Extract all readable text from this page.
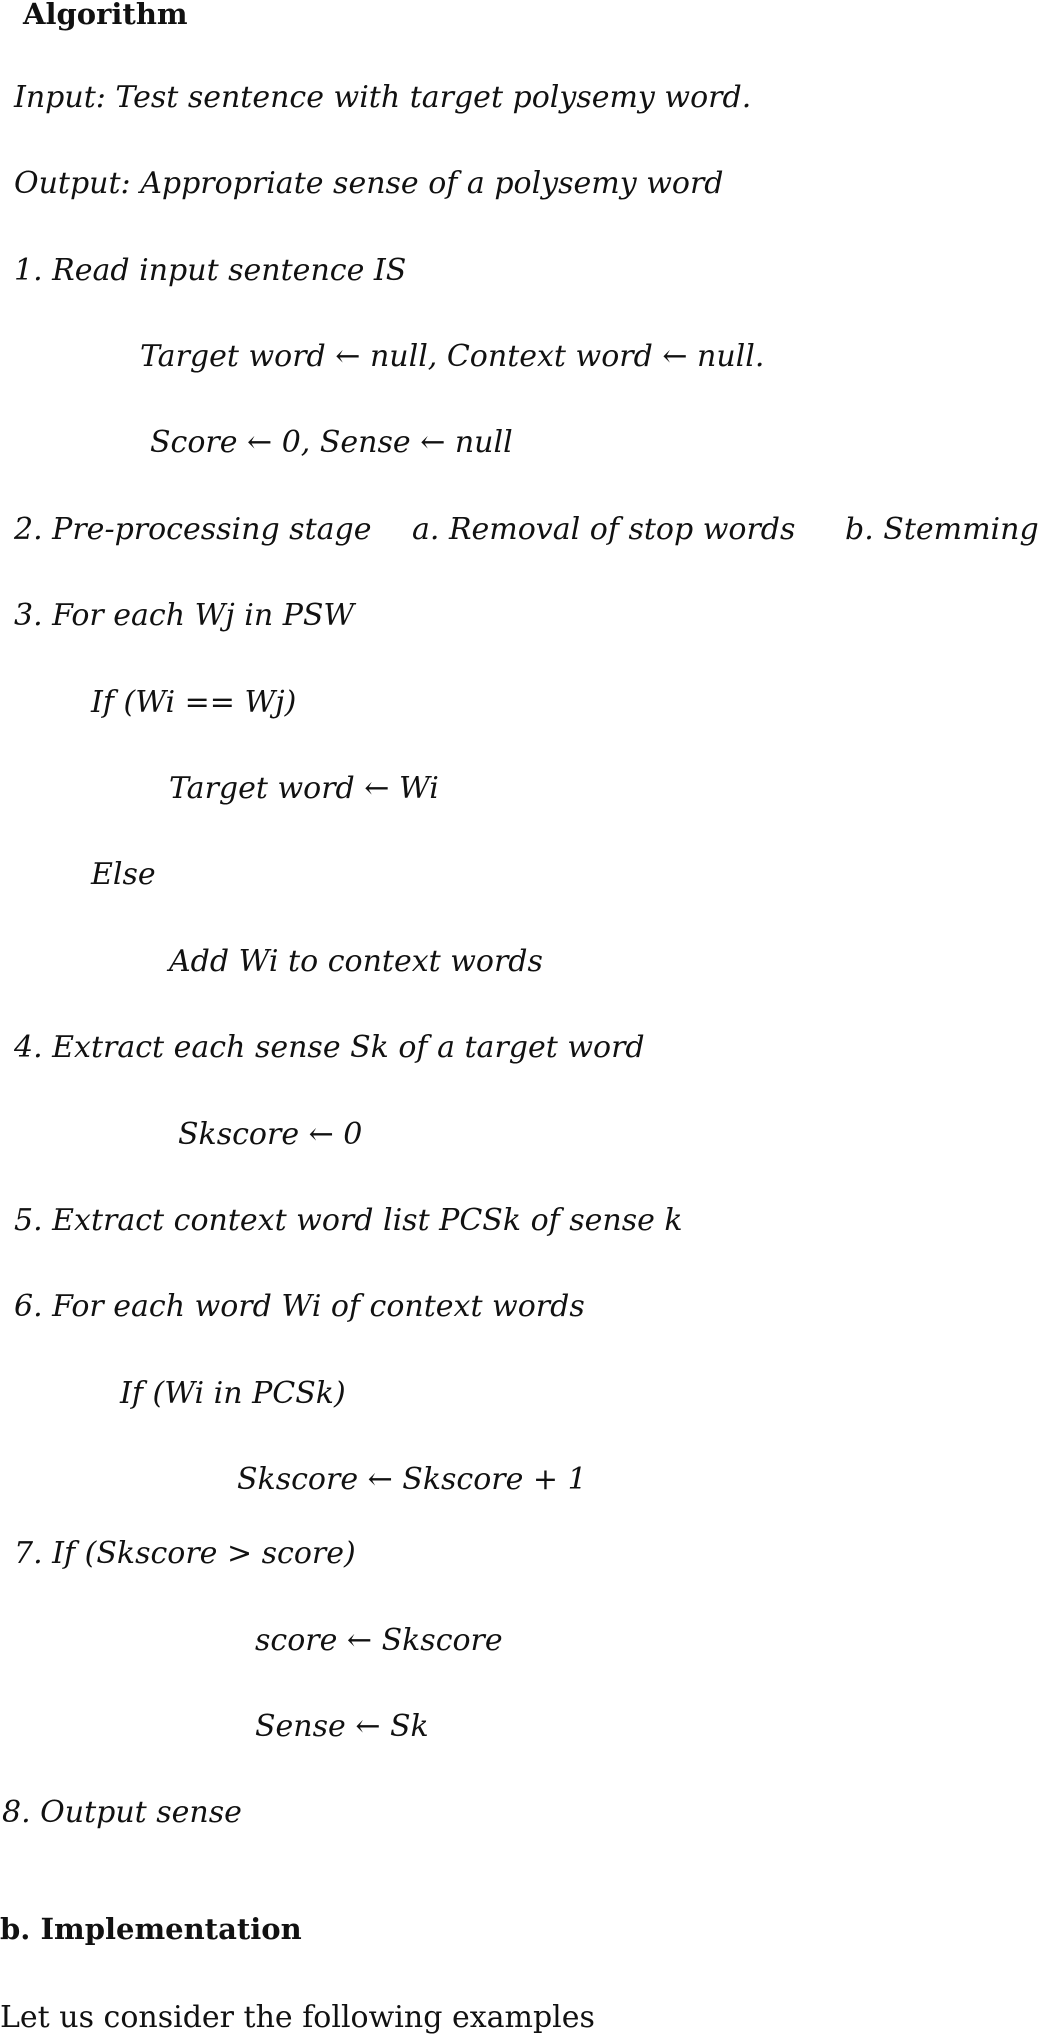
Algorithm
Input: Test sentence with target polysemy word.
Output: Appropriate sense of a polysemy word
1. Read input sentence IS
Target word ← null, Context word ← null.
Score ← 0, Sense ← null
2. Pre-processing stage a. Removal of stop words b. Stemming
3. For each Wj in PSW
If (Wi == Wj)
Target word ← Wi
Else
Add Wi to context words
4. Extract each sense Sk of a target word
Skscore ← 0
5. Extract context word list PCSk of sense k
6. For each word Wi of context words
If (Wi in PCSk)
Skscore ← Skscore + 1
7. If (Skscore > score)
score ← Skscore
Sense ← Sk
8. Output sense
b. Implementation
Let us consider the following examples
